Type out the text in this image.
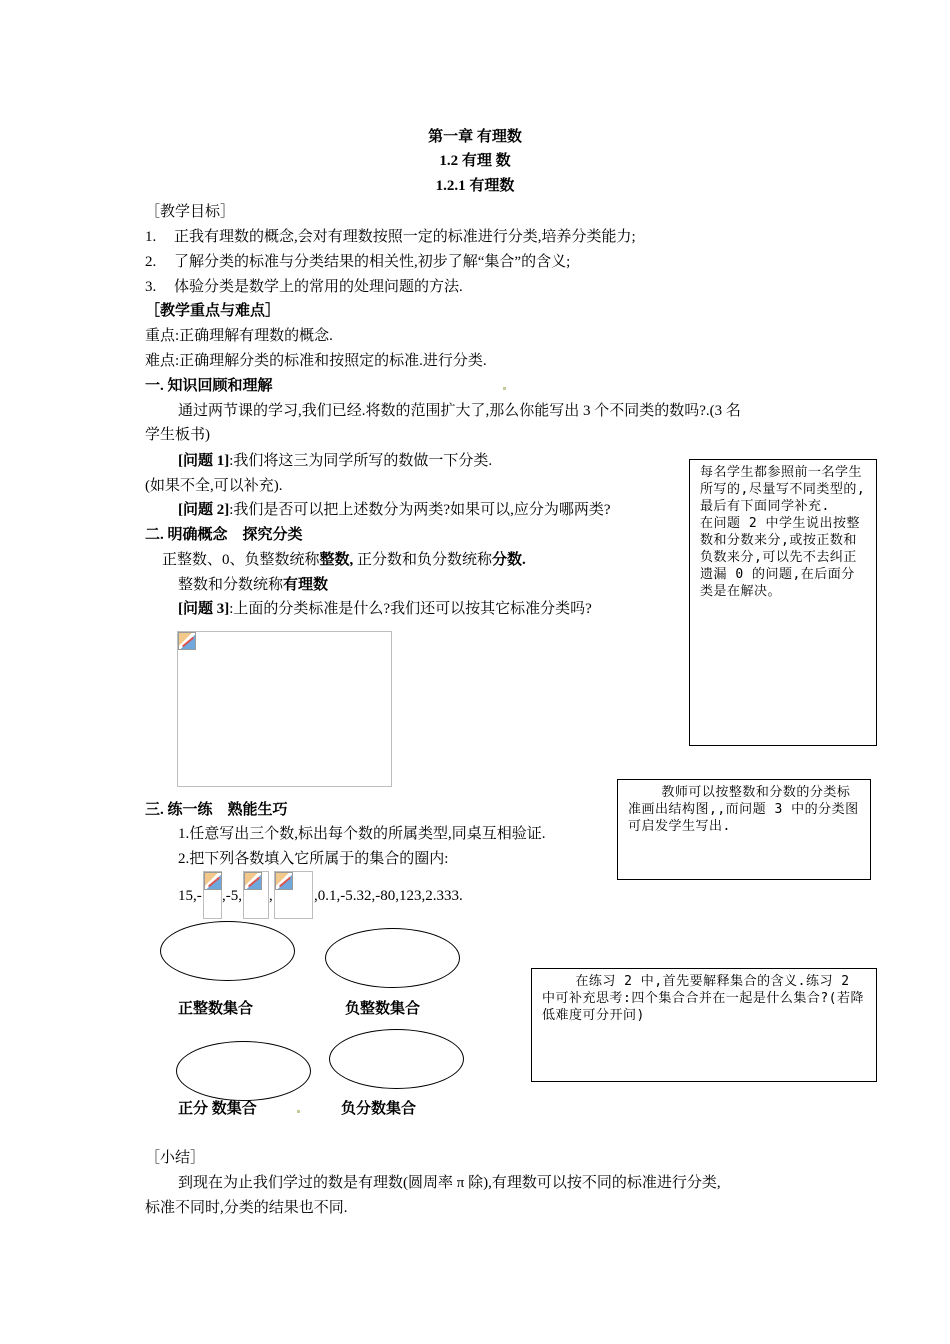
第一章 有理数
1.2 有理 数
1.2.1 有理数
［教学目标］
1. 正我有理数的概念,会对有理数按照一定的标准进行分类,培养分类能力;
2. 了解分类的标准与分类结果的相关性,初步了解“集合”的含义;
3. 体验分类是数学上的常用的处理问题的方法.
［教学重点与难点］
重点:正确理解有理数的概念.
难点:正确理解分类的标准和按照定的标准.进行分类.
一. 知识回顾和理解
通过两节课的学习,我们已经.将数的范围扩大了,那么你能写出 3 个不同类的数吗?.(3 名
学生板书)
[问题 1]:我们将这三为同学所写的数做一下分类.
(如果不全,可以补充).
[问题 2]:我们是否可以把上述数分为两类?如果可以,应分为哪两类?
二. 明确概念    探究分类
正整数、0、负整数统称整数, 正分数和负分数统称分数.
整数和分数统称有理数
[问题 3]:上面的分类标准是什么?我们还可以按其它标准分类吗?
三. 练一练    熟能生巧
1.任意写出三个数,标出每个数的所属类型,同桌互相验证.
2.把下列各数填入它所属于的集合的圈内:
15,- ,-5, ,	,0.1,-5.32,-80,123,2.333.
正整数集合	负整数集合
正分 数集合	负分数集合
［小结］
到现在为止我们学过的数是有理数(圆周率 π 除),有理数可以按不同的标准进行分类,
标准不同时,分类的结果也不同.
每名学生都参照前一名学生所写的,尽量写不同类型的,最后有下面同学补充.
在问题 2 中学生说出按整数和分数来分,或按正数和负数来分,可以先不去纠正遗漏 0 的问题,在后面分类是在解决。
教师可以按整数和分数的分类标准画出结构图,,而问题 3 中的分类图可启发学生写出.
在练习 2 中,首先要解释集合的含义.练习 2 中可补充思考:四个集合合并在一起是什么集合?(若降低难度可分开问)
